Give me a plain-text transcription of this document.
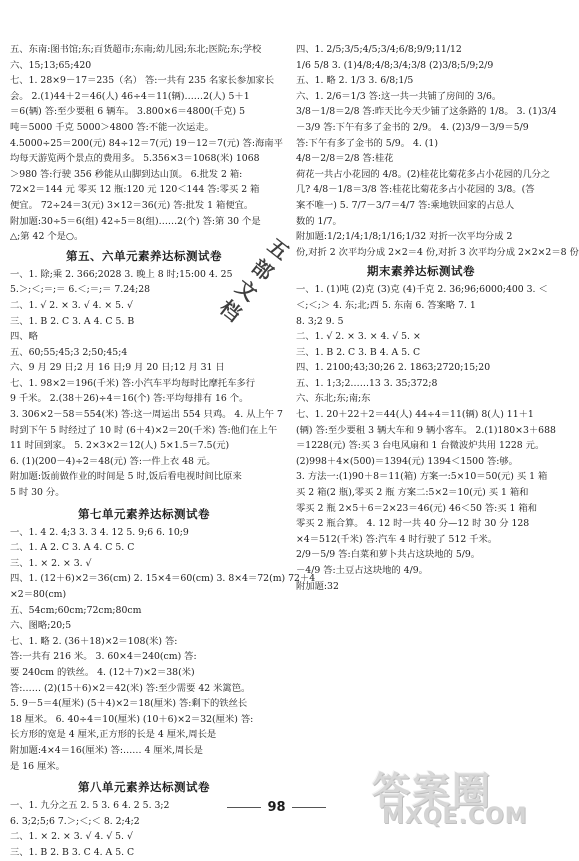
五、东南:图书馆;东;百货超市;东南;幼儿园;东北;医院;东;学校
六、15;13;65;420
七、1. 28×9－17＝235（名） 答:一共有 235 名家长参加家长
会。 2.(1)44＋2＝46(人) 46÷4＝11(辆)……2(人) 5＋1
＝6(辆) 答:至少要租 6 辆车。 3.800×6＝4800(千克) 5
吨＝5000 千克 5000＞4800 答:不能一次运走。
4.5000÷25＝200(元) 84÷12＝7(元) 19－12＝7(元) 答:海南平
均每天游览两个景点的费用多。 5.356×3＝1068(米) 1068
＞980 答:行驶 356 秒能从山脚到达山顶。 6.批发 2 箱:
72×2＝144 元 零买 12 瓶:120 元 120＜144 答:零买 2 箱
便宜。 72÷24＝3(元) 3×12＝36(元) 答:批发 1 箱便宜。
附加题:30÷5＝6(组) 42÷5＝8(组)……2(个) 答:第 30 个是
△;第 42 个是○。
第五、六单元素养达标测试卷
一、1. 除;乘 2. 366;2028 3. 晚上 8 时;15:00 4. 25
5.＞;＜;＝;＝ 6.＜;＝;＝ 7.24;28
二、1. √ 2. × 3. √ 4. × 5. √
三、1. B 2. C 3. A 4. C 5. B
四、略
五、60;55;45;3 2;50;45;4
六、9 月 29 日;2 月 16 日;9 月 20 日;12 月 31 日
七、1. 98×2＝196(千米) 答:小汽车平均每时比摩托车多行
9 千米。 2.(38＋26)÷4＝16(个) 答:平均每排有 16 个。
3. 306×2－58＝554(米) 答:这一周运出 554 只鸡。 4. 从上午 7
时到下午 5 时经过了 10 时 (6＋4)×2＝20(千米) 答:他们在上午
11 时回到家。 5. 2×3×2＝12(人) 5×1.5＝7.5(元)
6. (1)(200－4)÷2＝48(元) 答:一件上衣 48 元。
附加题:饭前做作业的时间是 5 时,饭后看电视时间比原来
5 时 30 分。
第七单元素养达标测试卷
一、1. 4 2. 4;3 3. 3 4. 12 5. 9;6 6. 10;9
二、1. A 2. C 3. A 4. C 5. C
三、1. × 2. × 3. √
四、1. (12＋6)×2＝36(cm) 2. 15×4＝60(cm) 3. 8×4＝72(m) 72＋4
×2＝80(cm)
五、54cm;60cm;72cm;80cm
六、图略;20;5
七、1. 略 2. (36＋18)×2＝108(米) 答:
答:一共有 216 米。 3. 60×4＝240(cm) 答:
要 240cm 的铁丝。 4. (12＋7)×2＝38(米)
答:…… (2)(15＋6)×2＝42(米) 答:至少需要 42 米篱笆。
5. 9－5＝4(厘米) (5＋4)×2＝18(厘米) 答:剩下的铁丝长
18 厘米。 6. 40÷4＝10(厘米) (10＋6)×2＝32(厘米) 答:
长方形的宽是 4 厘米,正方形的长是 4 厘米,周长是
附加题:4×4＝16(厘米) 答:…… 4 厘米,周长是
是 16 厘米。
第八单元素养达标测试卷
一、1. 九分之五 2. 5 3. 6 4. 2 5. 3;2
6. 3;2;5;6 7.＞;＜;＜ 8. 2;4;2
二、1. × 2. × 3. √ 4. √ 5. √
三、1. B 2. B 3. C 4. A 5. C
四、1. 2/5;3/5;4/5;3/4;6/8;9/9;11/12
1/6 5/8 3. (1)4/8;4/8;3/4;3/8 (2)3/8;5/9;2/9
五、1. 略 2. 1/3 3. 6/8;1/5
六、1. 2/6＝1/3 答:这一共一共铺了房间的 3/6。
3/8－1/8＝2/8 答:昨天比今天少铺了这条路的 1/8。 3. (1)3/4
－3/9 答:下午有多了金书的 2/9。 4. (2)3/9－3/9＝5/9
答:下午有多了金书的 5/9。 4. (1)
4/8－2/8＝2/8 答:桂花
荷花一共占小花园的 4/8。(2)桂花比菊花多占小花园的几分之
几? 4/8－1/8＝3/8 答:桂花比菊花多占小花园的 3/8。(答
案不唯一) 5. 7/7－3/7＝4/7 答:乘地铁回家的占总人
数的 1/7。
附加题:1/2;1/4;1/8;1/16;1/32 对折一次平均分成 2
份,对折 2 次平均分成 2×2＝4 份,对折 3 次平均分成 2×2×2＝8 份
期末素养达标测试卷
一、1. (1)吨 (2)克 (3)克 (4)千克 2. 36;96;6000;400 3. ＜
＜;＜;＞ 4. 东;北;西 5. 东南 6. 答案略 7. 1
8. 3;2 9. 5
二、1. √ 2. × 3. × 4. √ 5. ×
三、1. B 2. C 3. B 4. A 5. C
四、1. 2100;43;30;26 2. 1863;2720;15;20
五、1. 1;3;2……13 3. 35;372;8
六、东北;东;南;东
七、1. 20＋22＋2＝44(人) 44÷4＝11(辆) 8(人) 11＋1
(辆) 答:至少要租 3 辆大车和 9 辆小客车。 2.(1)180×3＋688
＝1228(元) 答:买 3 台电风扇和 1 台微波炉共用 1228 元。
(2)998＋4×(500)＝1394(元) 1394＜1500 答:够。
3. 方法一:(1)90＋8＝11(箱) 方案一:5×10＝50(元) 买 1 箱
买 2 箱(2 瓶),零买 2 瓶 方案二:5×2＝10(元) 买 1 箱和
零买 2 瓶 2×5＋6＝2×23＝46(元) 46＜50 答:买 1 箱和
零买 2 瓶合算。 4. 12 时一共 40 分—12 时 30 分 128
×4＝512(千米) 答:汽车 4 时行驶了 512 千米。
2/9－5/9 答:白菜和萝卜共占这块地的 5/9。
－4/9 答:土豆占这块地的 4/9。
附加题:32
五
部
文
档
98	答案圈
MXQE.COM
